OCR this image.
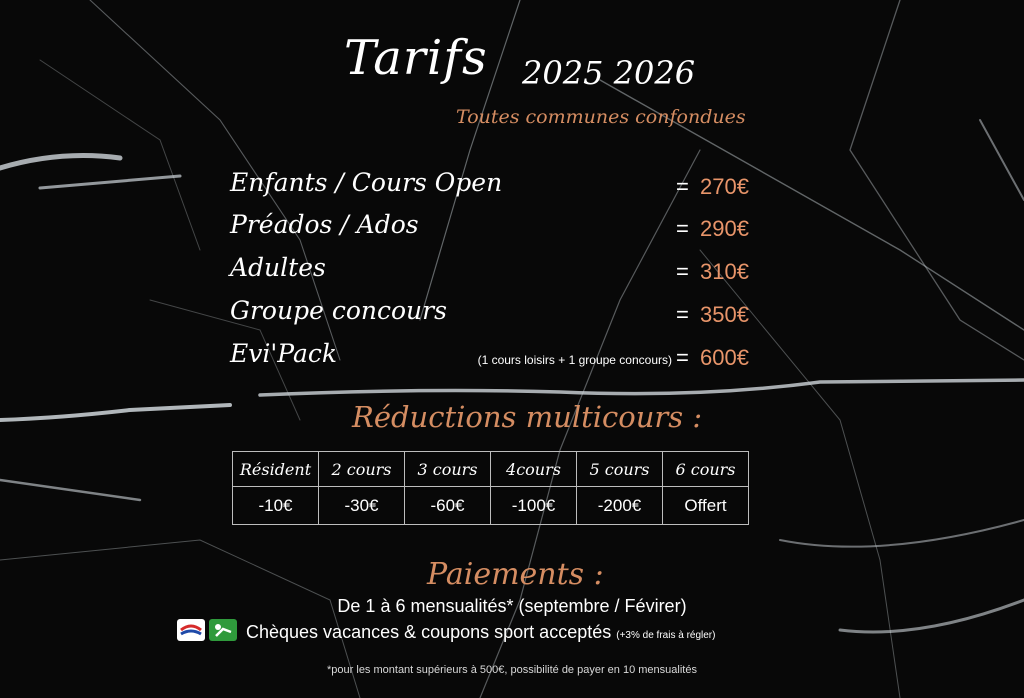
Tarifs 2025 2026
Toutes communes confondues
Enfants / Cours Open	= 270€
Préados / Ados	= 290€
Adultes	= 310€
Groupe concours	= 350€
Evi'Pack	(1 cours loisirs + 1 groupe concours) = 600€
Réductions multicours :
Résident	2 cours	3 cours	4cours	5 cours	6 cours
-10€	-30€	-60€	-100€	-200€	Offert
Paiements :
De 1 à 6 mensualités* (septembre / Févirer)
Chèques vacances & coupons sport acceptés (+3% de frais à régler)
*pour les montant supérieurs à 500€, possibilité de payer en 10 mensualités
